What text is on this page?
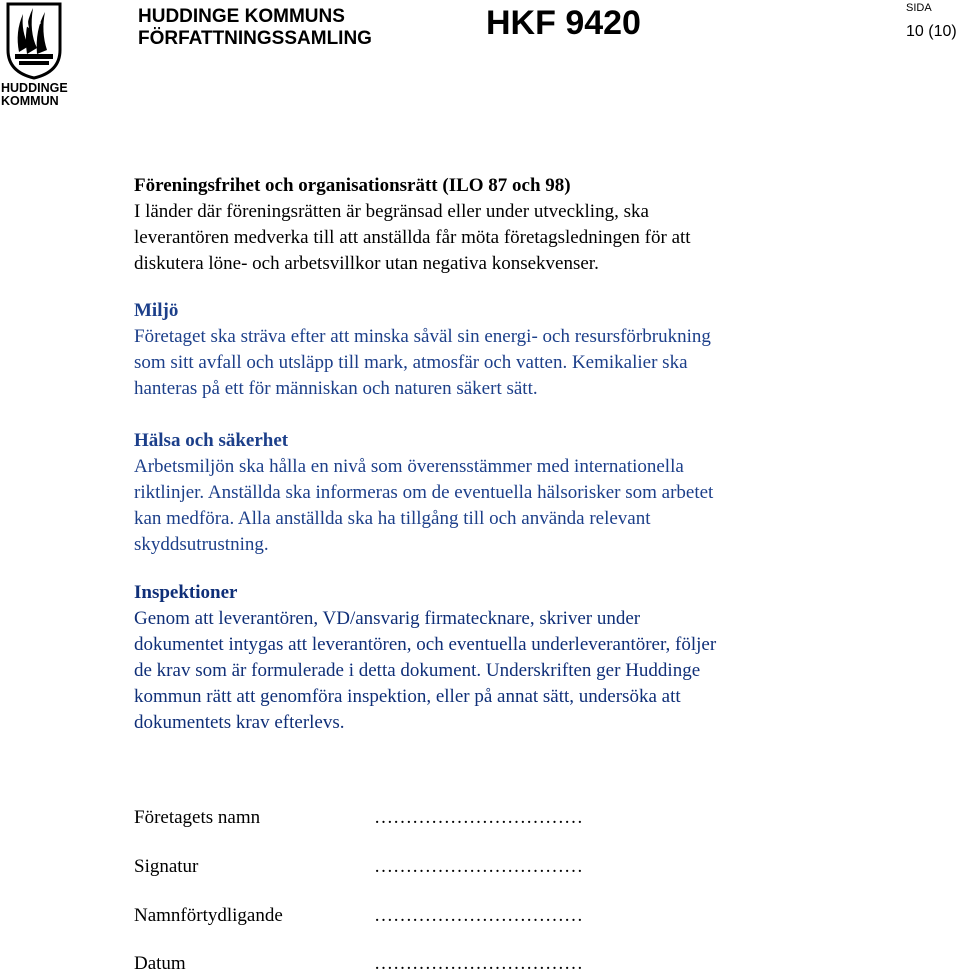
HUDDINGE
KOMMUN
HUDDINGE KOMMUNS
FÖRFATTNINGSSAMLING	HKF 9420	SIDA
10 (10)
Föreningsfrihet och organisationsrätt (ILO 87 och 98)

I länder där föreningsrätten är begränsad eller under utveckling, ska

leverantören medverka till att anställda får möta företagsledningen för att

diskutera löne- och arbetsvillkor utan negativa konsekvenser.

Miljö

Företaget ska sträva efter att minska såväl sin energi- och resursförbrukning

som sitt avfall och utsläpp till mark, atmosfär och vatten. Kemikalier ska

hanteras på ett för människan och naturen säkert sätt.

Hälsa och säkerhet

Arbetsmiljön ska hålla en nivå som överensstämmer med internationella

riktlinjer. Anställda ska informeras om de eventuella hälsorisker som arbetet

kan medföra. Alla anställda ska ha tillgång till och använda relevant

skyddsutrustning.

Inspektioner

Genom att leverantören, VD/ansvarig firmatecknare, skriver under

dokumentet intygas att leverantören, och eventuella underleverantörer, följer

de krav som är formulerade i detta dokument. Underskriften ger Huddinge

kommun rätt att genomföra inspektion, eller på annat sätt, undersöka att

dokumentets krav efterlevs.

Företagets namn	……………………………
Signatur	……………………………
Namnförtydligande	……………………………
Datum	……………………………
